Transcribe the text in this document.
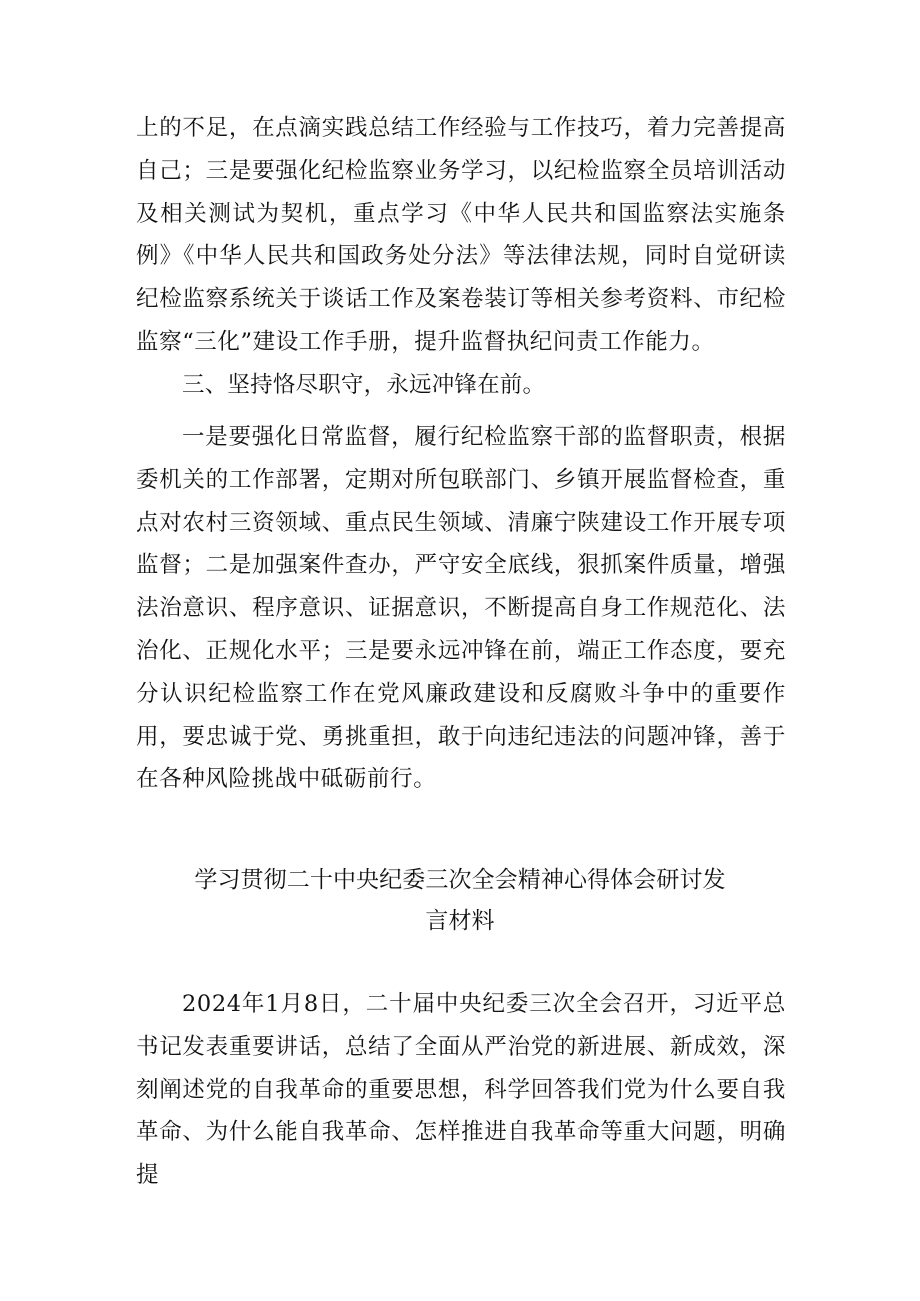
上的不足，在点滴实践总结工作经验与工作技巧，着力完善提高自己；三是要强化纪检监察业务学习，以纪检监察全员培训活动及相关测试为契机，重点学习《中华人民共和国监察法实施条例》《中华人民共和国政务处分法》等法律法规，同时自觉研读纪检监察系统关于谈话工作及案卷装订等相关参考资料、市纪检监察“三化”建设工作手册，提升监督执纪问责工作能力。

三、坚持恪尽职守，永远冲锋在前。

一是要强化日常监督，履行纪检监察干部的监督职责，根据委机关的工作部署，定期对所包联部门、乡镇开展监督检查，重点对农村三资领域、重点民生领域、清廉宁陕建设工作开展专项监督；二是加强案件查办，严守安全底线，狠抓案件质量，增强法治意识、程序意识、证据意识，不断提高自身工作规范化、法治化、正规化水平；三是要永远冲锋在前，端正工作态度，要充分认识纪检监察工作在党风廉政建设和反腐败斗争中的重要作用，要忠诚于党、勇挑重担，敢于向违纪违法的问题冲锋，善于在各种风险挑战中砥砺前行。

学习贯彻二十中央纪委三次全会精神心得体会研讨发
言材料

2024年1月8日，二十届中央纪委三次全会召开，习近平总书记发表重要讲话，总结了全面从严治党的新进展、新成效，深刻阐述党的自我革命的重要思想，科学回答我们党为什么要自我革命、为什么能自我革命、怎样推进自我革命等重大问题，明确提
